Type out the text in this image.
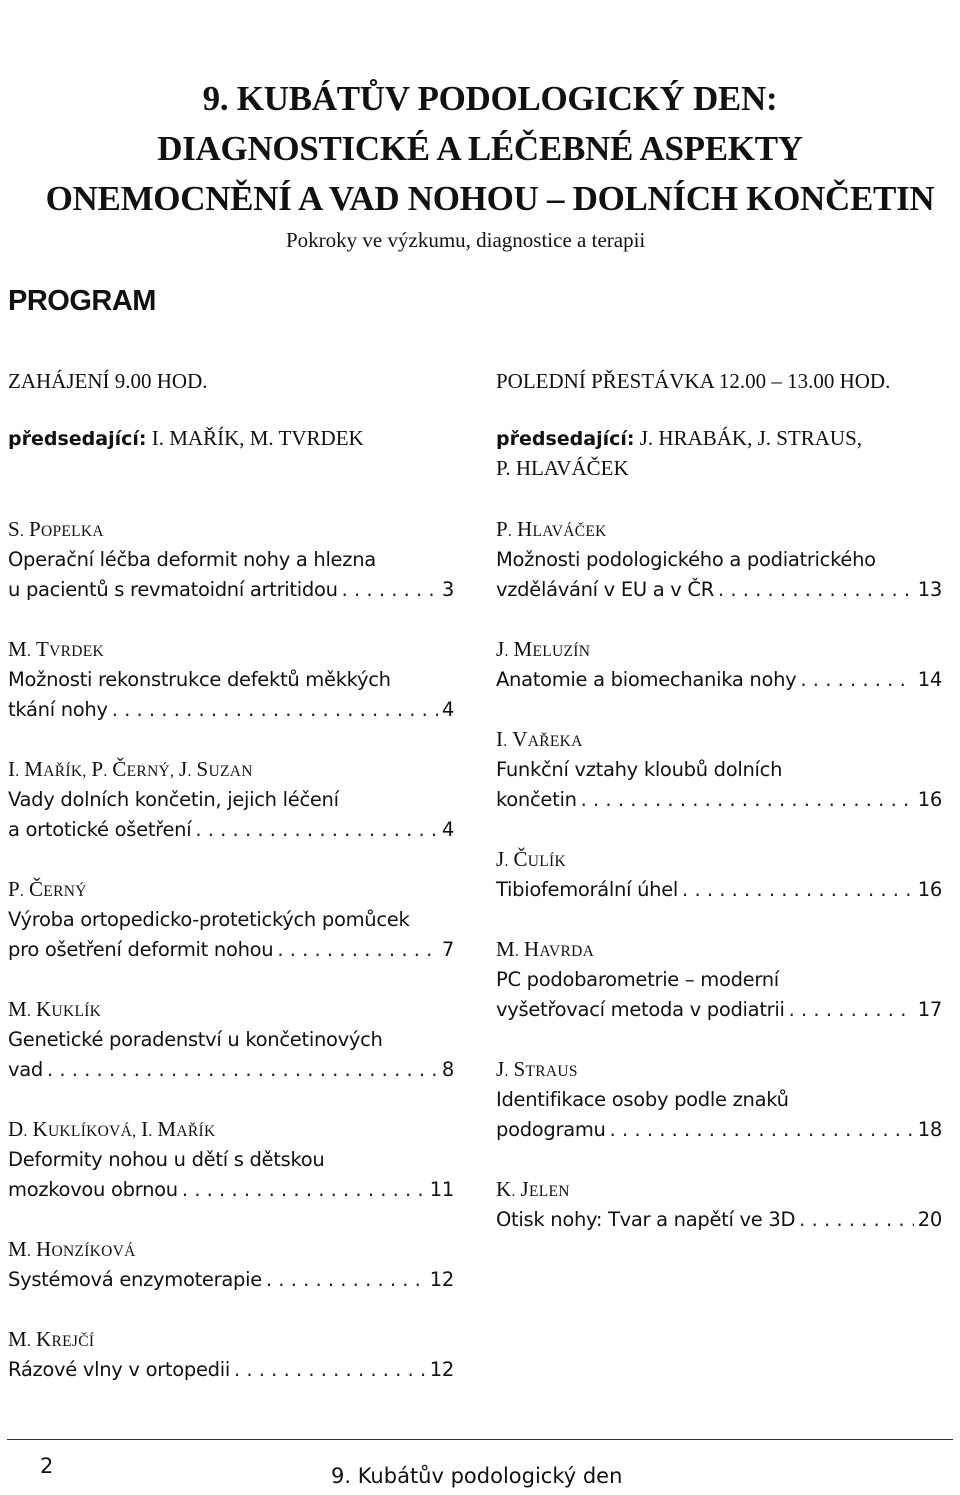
9. KUBÁTŮV PODOLOGICKÝ DEN:
DIAGNOSTICKÉ A LÉČEBNÉ ASPEKTY
ONEMOCNĚNÍ A VAD NOHOU – DOLNÍCH KONČETIN
Pokroky ve výzkumu, diagnostice a terapii
PROGRAM
ZAHÁJENÍ 9.00 HOD.
předsedající: I. MAŘÍK, M. TVRDEK
S. POPELKA
Operační léčba deformit nohy a hlezna
u pacientů s revmatoidní artritidou . . .	3
M. TVRDEK
Možnosti rekonstrukce defektů měkkých
tkání nohy . . .	4
I. MAŘÍK, P. ČERNÝ, J. SUZAN
Vady dolních končetin, jejich léčení
a ortotické ošetření . . .	4
P. ČERNÝ
Výroba ortopedicko-protetických pomůcek
pro ošetření deformit nohou . . .	7
M. KUKLÍK
Genetické poradenství u končetinových
vad . . .	8
D. KUKLÍKOVÁ, I. MAŘÍK
Deformity nohou u dětí s dětskou
mozkovou obrnou . . .	11
M. HONZÍKOVÁ
Systémová enzymoterapie . . .	12
M. KREJČÍ
Rázové vlny v ortopedii . . .	12
POLEDNÍ PŘESTÁVKA 12.00 – 13.00 HOD.
předsedající: J. HRABÁK, J. STRAUS,
P. HLAVÁČEK
P. HLAVÁČEK
Možnosti podologického a podiatrického
vzdělávání v EU a v ČR . . .	13
J. MELUZÍN
Anatomie a biomechanika nohy . . .	14
I. VAŘEKA
Funkční vztahy kloubů dolních
končetin . . .	16
J. ČULÍK
Tibiofemorální úhel . . .	16
M. HAVRDA
PC podobarometrie – moderní
vyšetřovací metoda v podiatrii . . .	17
J. STRAUS
Identifikace osoby podle znaků
podogramu . . .	18
K. JELEN
Otisk nohy: Tvar a napětí ve 3D . . .	20
2	9. Kubátův podologický den
